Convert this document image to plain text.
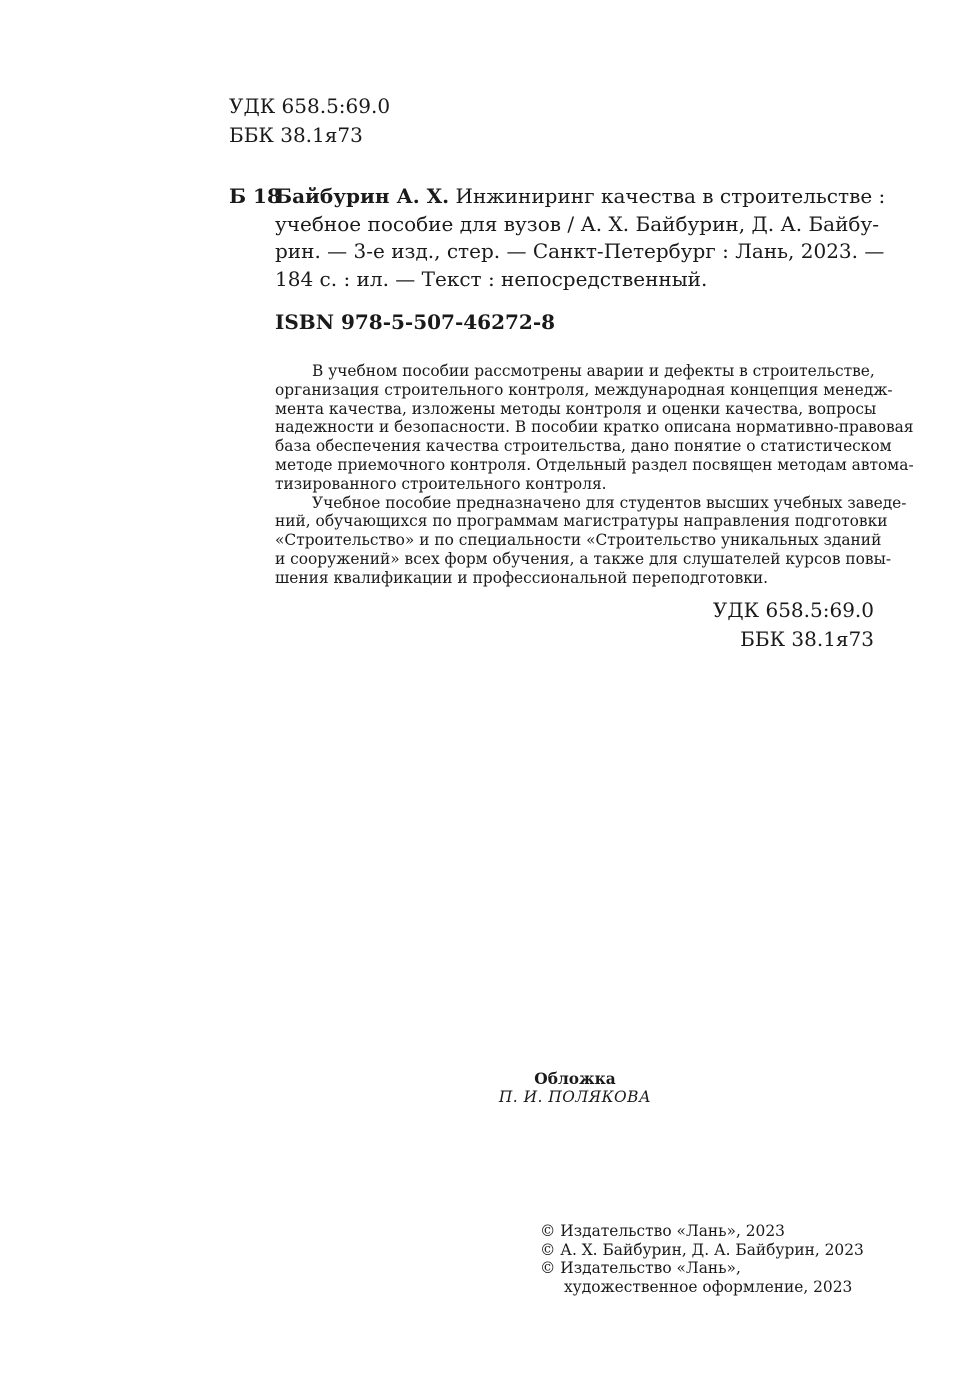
УДК 658.5:69.0
ББК 38.1я73
Б 18
Байбурин А. Х. Инжиниринг качества в строительстве :
учебное пособие для вузов / А. Х. Байбурин, Д. А. Байбу-
рин. — 3-е изд., стер. — Санкт-Петербург : Лань, 2023. —
184 с. : ил. — Текст : непосредственный.
ISBN 978-5-507-46272-8
В учебном пособии рассмотрены аварии и дефекты в строительстве,
организация строительного контроля, международная концепция менедж-
мента качества, изложены методы контроля и оценки качества, вопросы
надежности и безопасности. В пособии кратко описана нормативно-правовая
база обеспечения качества строительства, дано понятие о статистическом
методе приемочного контроля. Отдельный раздел посвящен методам автома-
тизированного строительного контроля.
Учебное пособие предназначено для студентов высших учебных заведе-
ний, обучающихся по программам магистратуры направления подготовки
«Строительство» и по специальности «Строительство уникальных зданий
и сооружений» всех форм обучения, а также для слушателей курсов повы-
шения квалификации и профессиональной переподготовки.
УДК 658.5:69.0
ББК 38.1я73
Обложка
П. И. ПОЛЯКОВА
© Издательство «Лань», 2023
© А. Х. Байбурин, Д. А. Байбурин, 2023
© Издательство «Лань»,
художественное оформление, 2023
